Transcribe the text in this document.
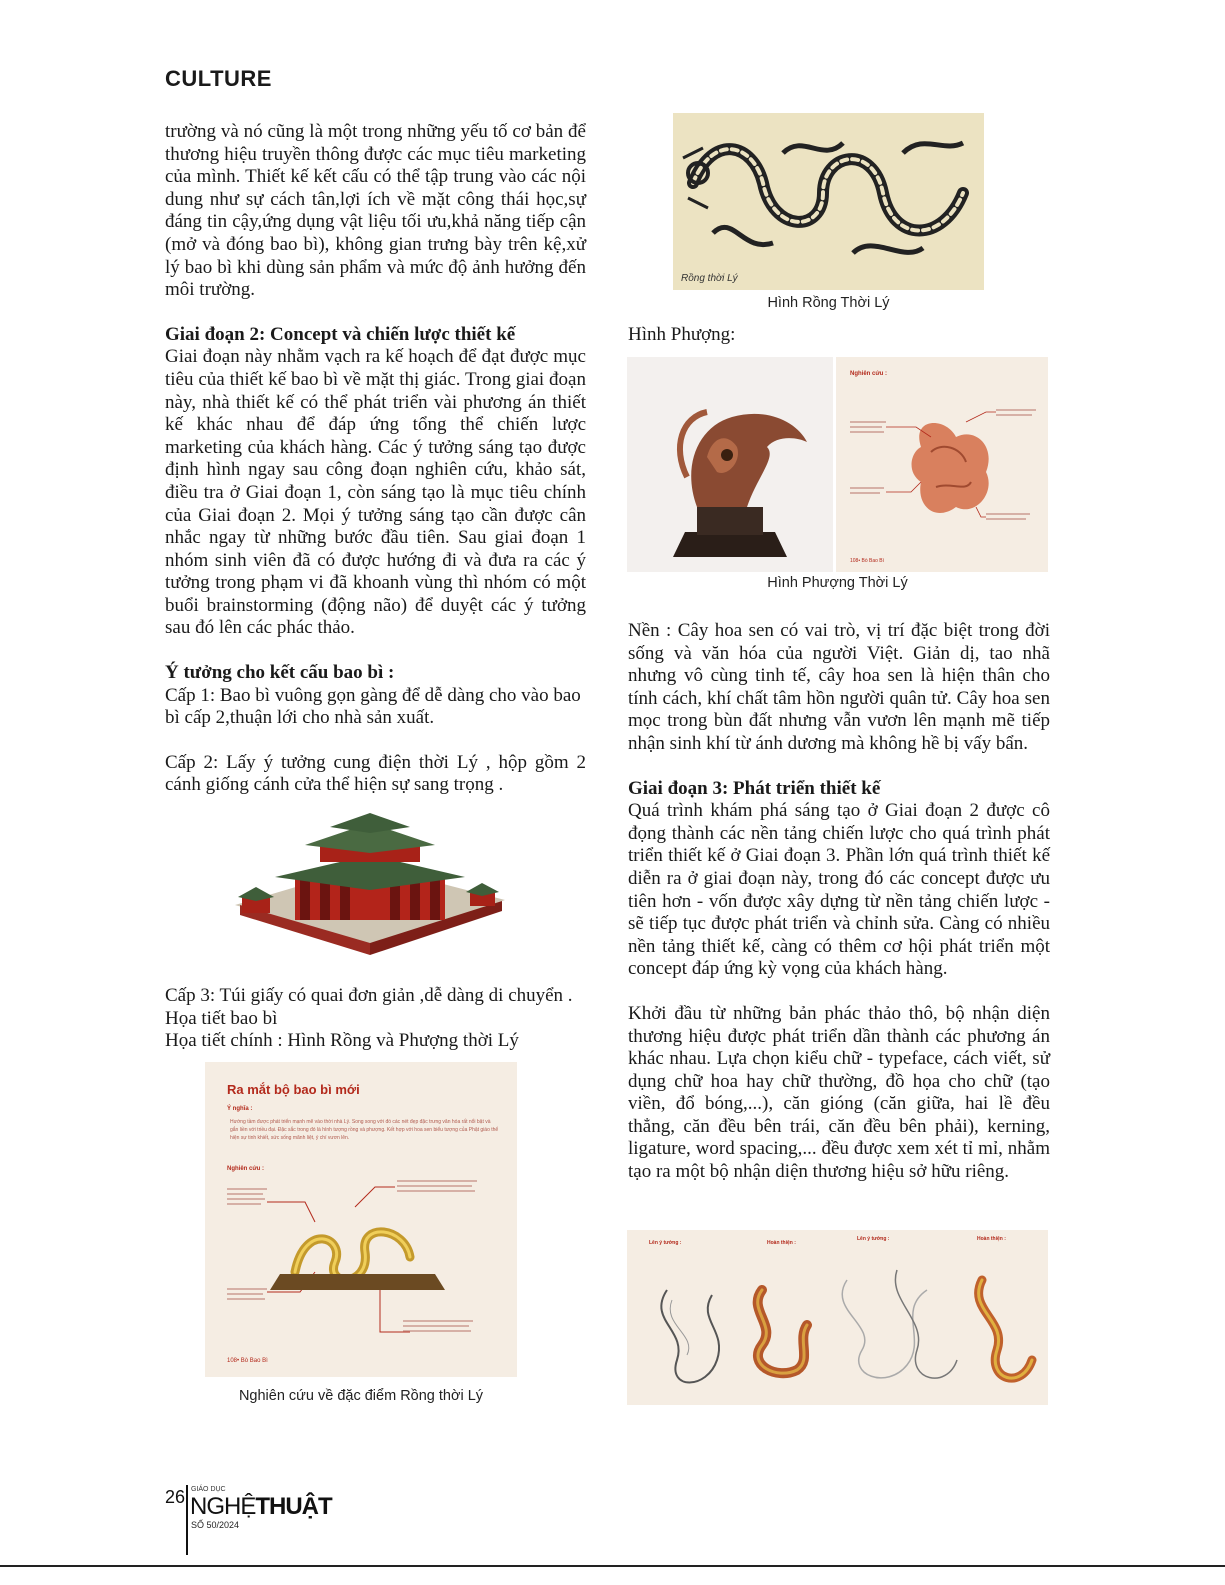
CULTURE

trường và nó cũng là một trong những yếu tố cơ bản để thương hiệu truyền thông được các mục tiêu marketing của mình. Thiết kế kết cấu có thể tập trung vào các nội dung như sự cách tân,lợi ích về mặt công thái học,sự đáng tin cậy,ứng dụng vật liệu tối ưu,khả năng tiếp cận (mở và đóng bao bì), không gian trưng bày trên kệ,xử lý bao bì khi dùng sản phẩm và mức độ ảnh hưởng đến môi trường.

Giai đoạn 2: Concept và chiến lược thiết kế

Giai đoạn này nhằm vạch ra kế hoạch để đạt được mục tiêu của thiết kế bao bì về mặt thị giác. Trong giai đoạn này, nhà thiết kế có thể phát triển vài phương án thiết kế khác nhau để đáp ứng tổng thể chiến lược marketing của khách hàng. Các ý tưởng sáng tạo được định hình ngay sau công đoạn nghiên cứu, khảo sát, điều tra ở Giai đoạn 1, còn sáng tạo là mục tiêu chính của Giai đoạn 2. Mọi ý tưởng sáng tạo cần được cân nhắc ngay từ những bước đầu tiên. Sau giai đoạn 1 nhóm sinh viên đã có được hướng đi và đưa ra các ý tưởng trong phạm vi đã khoanh vùng thì nhóm có một buổi brainstorming (động não) để duyệt các ý tưởng sau đó lên các phác thảo.

Ý tưởng cho kết cấu bao bì :

Cấp 1: Bao bì vuông gọn gàng để dễ dàng cho vào bao bì cấp 2,thuận lới cho nhà sản xuất.

Cấp 2: Lấy ý tưởng cung điện thời Lý , hộp gồm 2 cánh giống cánh cửa thể hiện sự sang trọng .

Cấp 3: Túi giấy có quai đơn giản ,dễ dàng di chuyển .

Họa tiết bao bì

Họa tiết chính : Hình Rồng và Phượng thời Lý

Ra mắt bộ bao bì mới
Ý nghĩa :
Hướng tầm được phát triển mạnh mẽ vào thời nhà Lý. Song song với đó các nét đẹp đặc trưng văn hóa rất nổi bật và gắn liền với triều đại. Đặc sắc trong đó là hình tượng rồng và phượng. Kết hợp với hoa sen biểu tượng của Phật giáo thể hiện sự tinh khiết, sức sống mãnh liệt, ý chí vươn lên.
Nghiên cứu :
108• Bò Bao Bì
Nghiên cứu về đặc điểm Rồng thời Lý
Rồng thời Lý
Hình Rồng Thời Lý
Hình Phượng:
Nghiên cứu :
108• Bò Bao Bì
Hình Phượng Thời Lý

Nền : Cây hoa sen có vai trò, vị trí đặc biệt trong đời sống và văn hóa của người Việt. Giản dị, tao nhã nhưng vô cùng tinh tế, cây hoa sen là hiện thân cho tính cách, khí chất tâm hồn người quân tử. Cây hoa sen mọc trong bùn đất nhưng vẫn vươn lên mạnh mẽ tiếp nhận sinh khí từ ánh dương mà không hề bị vấy bẩn.

Giai đoạn 3: Phát triển thiết kế

Quá trình khám phá sáng tạo ở Giai đoạn 2 được cô đọng thành các nền tảng chiến lược cho quá trình phát triển thiết kế ở Giai đoạn 3. Phần lớn quá trình thiết kế diễn ra ở giai đoạn này, trong đó các concept được ưu tiên hơn - vốn được xây dựng từ nền tảng chiến lược - sẽ tiếp tục được phát triển và chỉnh sửa. Càng có nhiều nền tảng thiết kế, càng có thêm cơ hội phát triển một concept đáp ứng kỳ vọng của khách hàng.

Khởi đầu từ những bản phác thảo thô, bộ nhận diện thương hiệu được phát triển dần thành các phương án khác nhau. Lựa chọn kiểu chữ - typeface, cách viết, sử dụng chữ hoa hay chữ thường, đồ họa cho chữ (tạo viền, đổ bóng,...), căn gióng (căn giữa, hai lề đều thẳng, căn đều bên trái, căn đều bên phải), kerning, ligature, word spacing,... đều được xem xét tỉ mỉ, nhằm tạo ra một bộ nhận diện thương hiệu sở hữu riêng.

Lên ý tưởng :	Hoàn thiện :
Lên ý tưởng :	Hoàn thiện :
26 GIÁO DỤC
NGHỆTHUẬT
SỐ 50/2024
